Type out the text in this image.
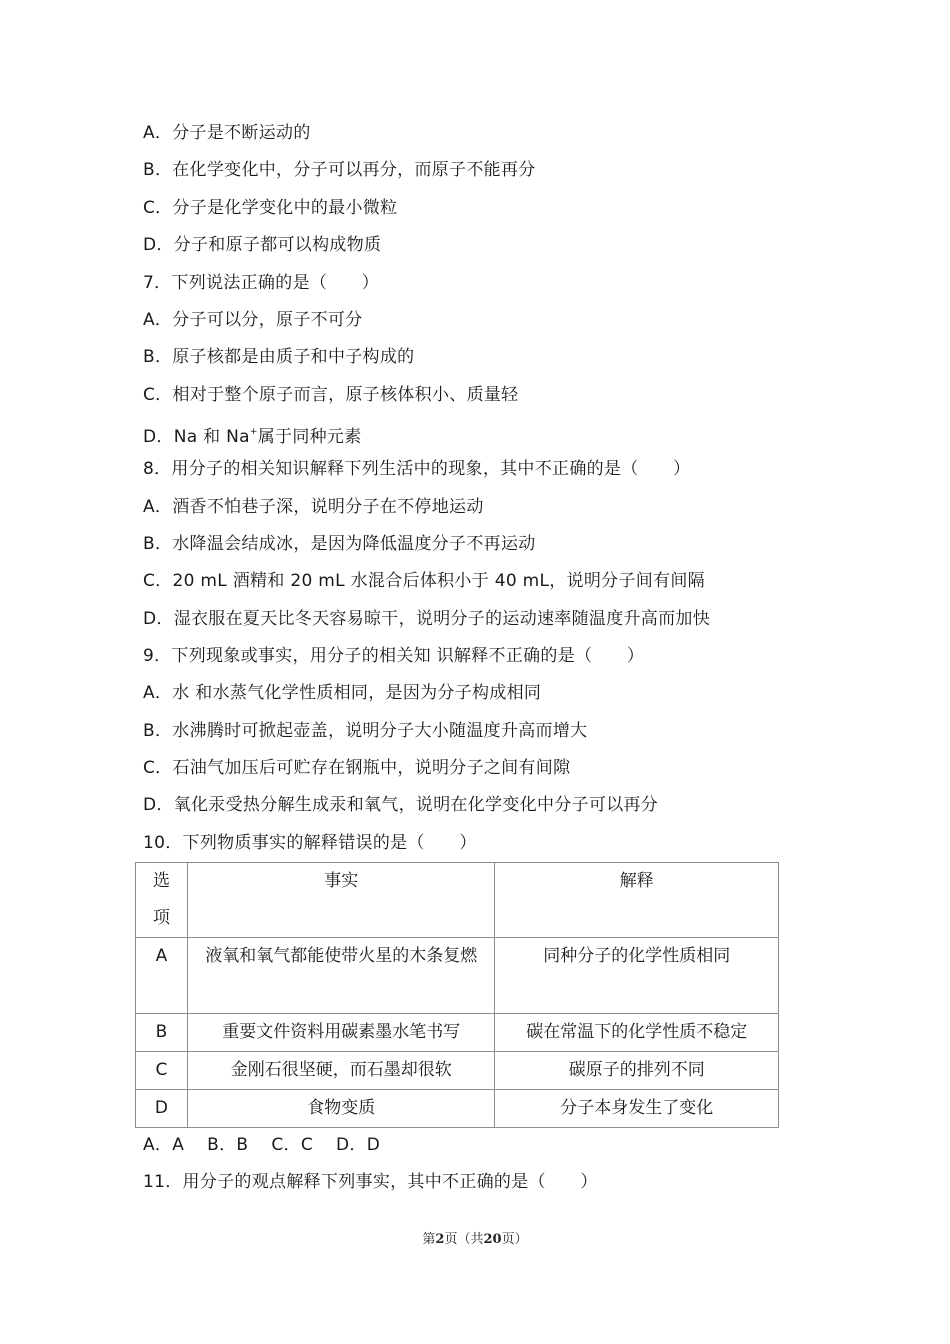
A．分子是不断运动的
B．在化学变化中，分子可以再分，而原子不能再分
C．分子是化学变化中的最小微粒
D．分子和原子都可以构成物质
7．下列说法正确的是（　　）
A．分子可以分，原子不可分
B．原子核都是由质子和中子构成的
C．相对于整个原子而言，原子核体积小、质量轻
D．Na 和 Na+属于同种元素
8．用分子的相关知识解释下列生活中的现象，其中不正确的是（　　）
A．酒香不怕巷子深，说明分子在不停地运动
B．水降温会结成冰，是因为降低温度分子不再运动
C．20 mL 酒精和 20 mL 水混合后体积小于 40 mL，说明分子间有间隔
D．湿衣服在夏天比冬天容易晾干，说明分子的运动速率随温度升高而加快
9．下列现象或事实，用分子的相关知 识解释不正确的是（　　）
A．水 和水蒸气化学性质相同，是因为分子构成相同
B．水沸腾时可掀起壶盖，说明分子大小随温度升高而增大
C．石油气加压后可贮存在钢瓶中，说明分子之间有间隙
D．氧化汞受热分解生成汞和氧气，说明在化学变化中分子可以再分
10．下列物质事实的解释错误的是（　　）
选项	事实	解释
A	液氧和氧气都能使带火星的木条复燃	同种分子的化学性质相同
B	重要文件资料用碳素墨水笔书写	碳在常温下的化学性质不稳定
C	金刚石很坚硬，而石墨却很软	碳原子的排列不同
D	食物变质	分子本身发生了变化
A．A　 B．B　 C．C　 D．D
11．用分子的观点解释下列事实，其中不正确的是（　　）
第2页（共20页）
